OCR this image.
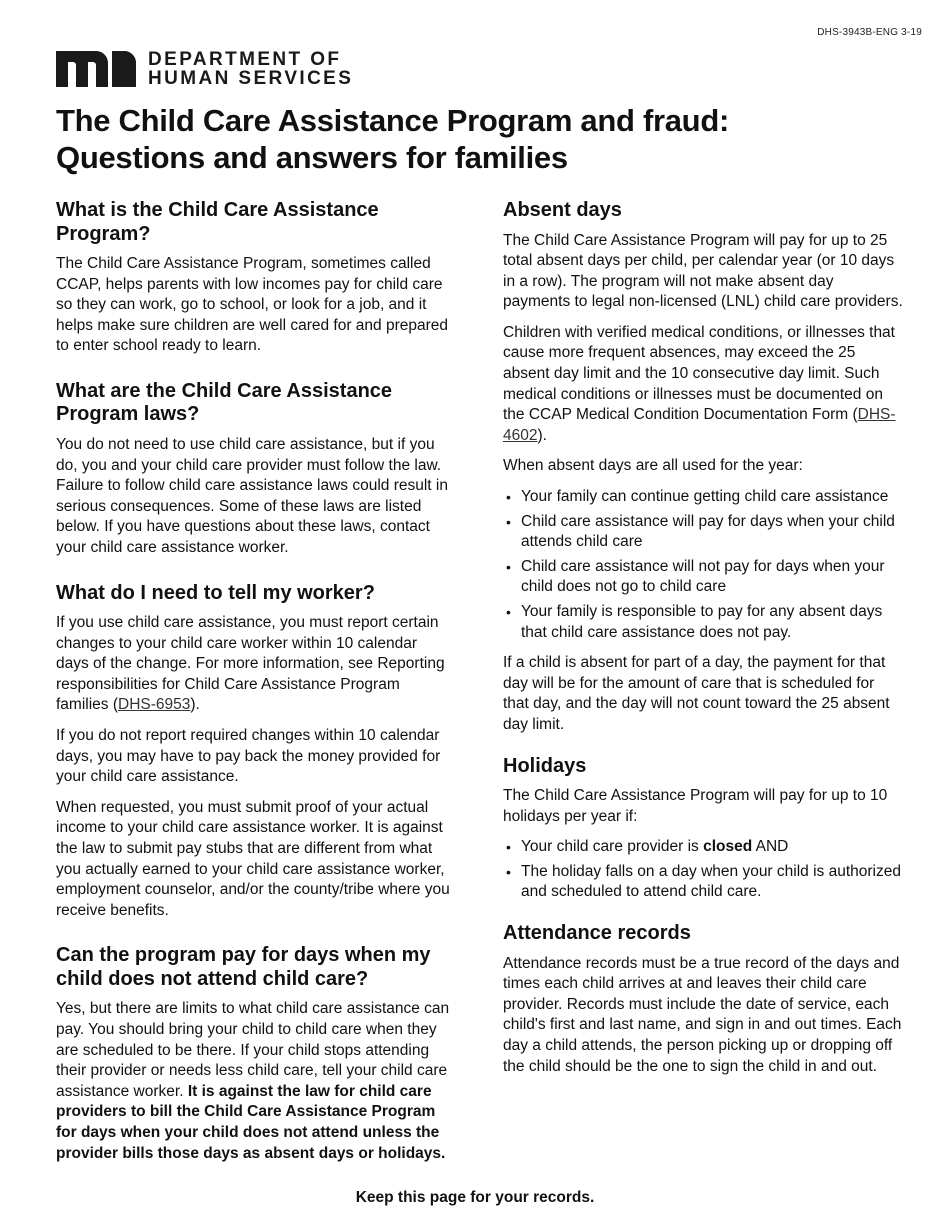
DHS-3943B-ENG 3-19
DEPARTMENT OF
HUMAN SERVICES
The Child Care Assistance Program and fraud:
Questions and answers for families
What is the Child Care Assistance Program?

The Child Care Assistance Program, sometimes called CCAP, helps parents with low incomes pay for child care so they can work, go to school, or look for a job, and it helps make sure children are well cared for and prepared to enter school ready to learn.

What are the Child Care Assistance Program laws?

You do not need to use child care assistance, but if you do, you and your child care provider must follow the law. Failure to follow child care assistance laws could result in serious consequences. Some of these laws are listed below. If you have questions about these laws, contact your child care assistance worker.

What do I need to tell my worker?

If you use child care assistance, you must report certain changes to your child care worker within 10 calendar days of the change. For more information, see Reporting responsibilities for Child Care Assistance Program families (DHS-6953).

If you do not report required changes within 10 calendar days, you may have to pay back the money provided for your child care assistance.

When requested, you must submit proof of your actual income to your child care assistance worker. It is against the law to submit pay stubs that are different from what you actually earned to your child care assistance worker, employment counselor, and/or the county/tribe where you receive benefits.

Can the program pay for days when my child does not attend child care?

Yes, but there are limits to what child care assistance can pay. You should bring your child to child care when they are scheduled to be there. If your child stops attending their provider or needs less child care, tell your child care assistance worker. It is against the law for child care providers to bill the Child Care Assistance Program for days when your child does not attend unless the provider bills those days as absent days or holidays.

Absent days

The Child Care Assistance Program will pay for up to 25 total absent days per child, per calendar year (or 10 days in a row). The program will not make absent day payments to legal non-licensed (LNL) child care providers.

Children with verified medical conditions, or illnesses that cause more frequent absences, may exceed the 25 absent day limit and the 10 consecutive day limit. Such medical conditions or illnesses must be documented on the CCAP Medical Condition Documentation Form (DHS-4602).

When absent days are all used for the year:

• Your family can continue getting child care assistance
• Child care assistance will pay for days when your child attends child care
• Child care assistance will not pay for days when your child does not go to child care
• Your family is responsible to pay for any absent days that child care assistance does not pay.

If a child is absent for part of a day, the payment for that day will be for the amount of care that is scheduled for that day, and the day will not count toward the 25 absent day limit.

Holidays

The Child Care Assistance Program will pay for up to 10 holidays per year if:

• Your child care provider is closed AND
• The holiday falls on a day when your child is authorized and scheduled to attend child care.
Attendance records

Attendance records must be a true record of the days and times each child arrives at and leaves their child care provider. Records must include the date of service, each child's first and last name, and sign in and out times. Each day a child attends, the person picking up or dropping off the child should be the one to sign the child in and out.

Keep this page for your records.
